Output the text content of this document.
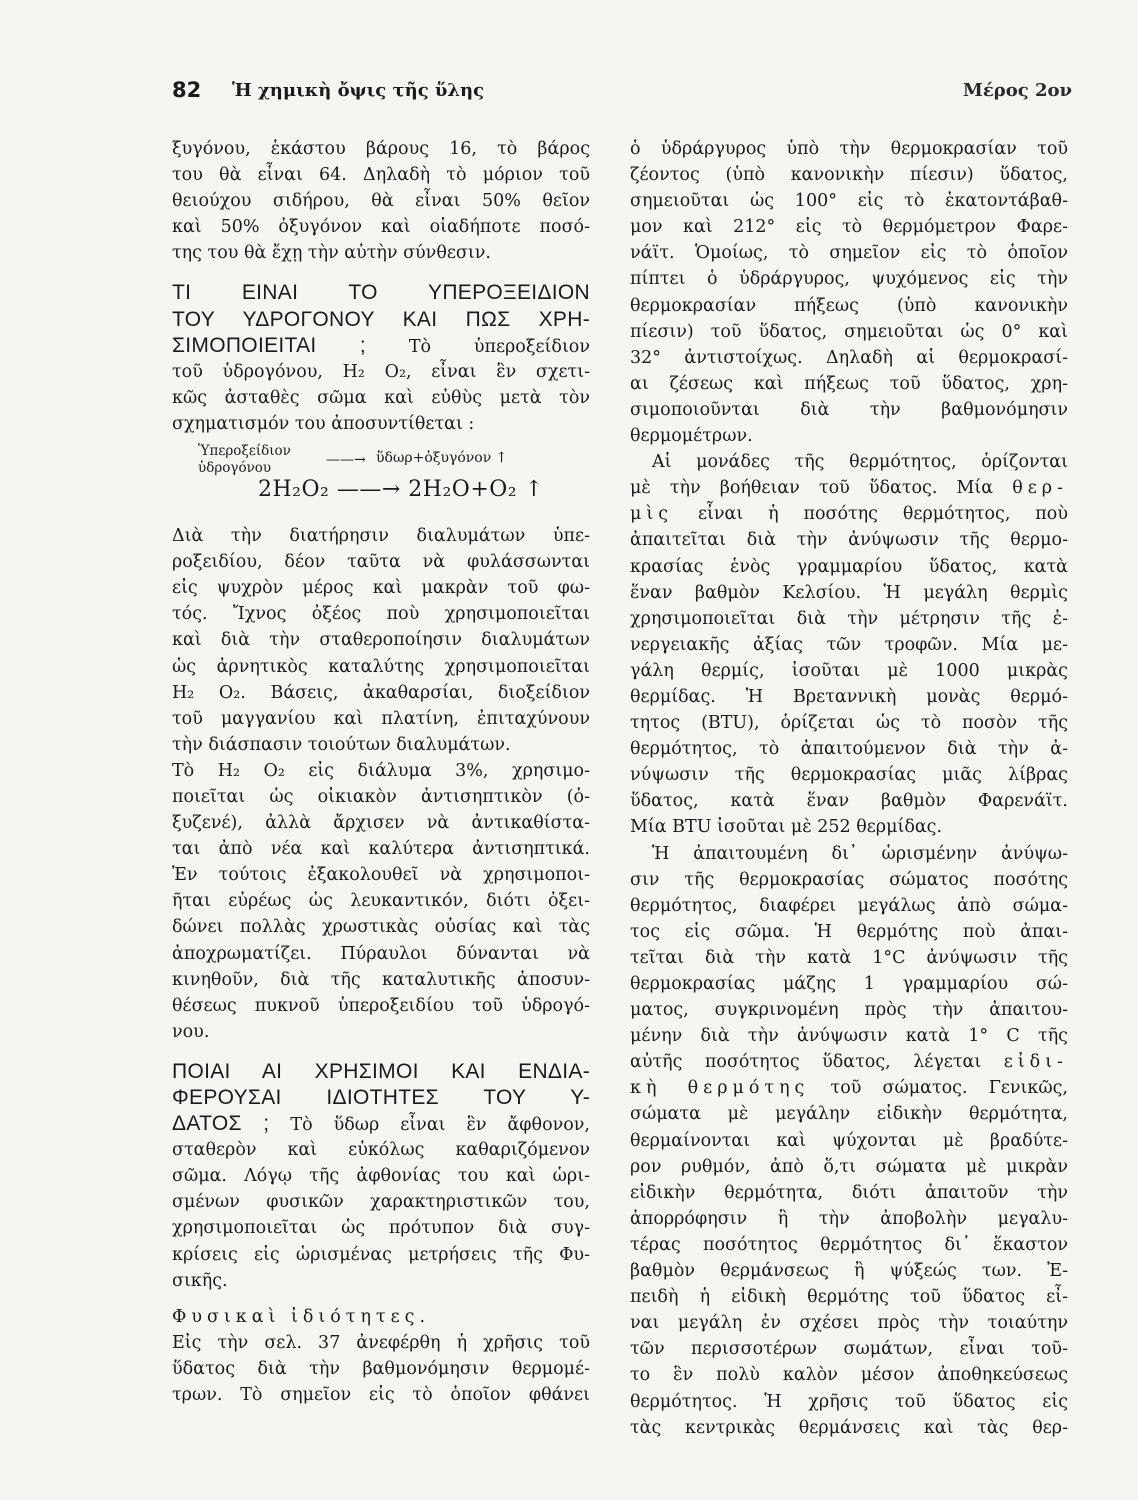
82 Ἡ χημικὴ ὄψις τῆς ὕλης	Μέρος 2ον
ξυγόνου, ἑκάστου βάρους 16, τὸ βάρος
του θὰ εἶναι 64. Δηλαδὴ τὸ μόριον τοῦ
θειούχου σιδήρου, θὰ εἶναι 50% θεῖον
καὶ 50% ὀξυγόνον καὶ οἱαδήποτε ποσό-
της του θὰ ἔχῃ τὴν αὐτὴν σύνθεσιν.
ΤΙ ΕΙΝΑΙ ΤΟ ΥΠΕΡΟΞΕΙΔΙΟΝ
ΤΟΥ ΥΔΡΟΓΟΝΟΥ ΚΑΙ ΠΩΣ ΧΡΗ-
ΣΙΜΟΠΟΙΕΙΤΑΙ ; Τὸ ὑπεροξείδιον
τοῦ ὑδρογόνου, H₂ O₂, εἶναι ἓν σχετι-
κῶς ἀσταθὲς σῶμα καὶ εὐθὺς μετὰ τὸν
σχηματισμόν του ἀποσυντίθεται :
Ὑπεροξείδιον
ὑδρογόνου	——→ ὕδωρ+ὀξυγόνον ↑
2H₂O₂ ——→ 2H₂O+O₂ ↑
Διὰ τὴν διατήρησιν διαλυμάτων ὑπε-
ροξειδίου, δέον ταῦτα νὰ φυλάσσωνται
εἰς ψυχρὸν μέρος καὶ μακρὰν τοῦ φω-
τός. Ἴχνος ὀξέος ποὺ χρησιμοποιεῖται
καὶ διὰ τὴν σταθεροποίησιν διαλυμάτων
ὡς ἀρνητικὸς καταλύτης χρησιμοποιεῖται
H₂ O₂. Βάσεις, ἀκαθαρσίαι, διοξείδιον
τοῦ μαγγανίου καὶ πλατίνη, ἐπιταχύνουν
τὴν διάσπασιν τοιούτων διαλυμάτων.
Τὸ H₂ O₂ εἰς διάλυμα 3%, χρησιμο-
ποιεῖται ὡς οἰκιακὸν ἀντισηπτικὸν (ὀ-
ξυζενέ), ἀλλὰ ἄρχισεν νὰ ἀντικαθίστα-
ται ἀπὸ νέα καὶ καλύτερα ἀντισηπτικά.
Ἐν τούτοις ἐξακολουθεῖ νὰ χρησιμοποι-
ῆται εὐρέως ὡς λευκαντικόν, διότι ὀξει-
δώνει πολλὰς χρωστικὰς οὐσίας καὶ τὰς
ἀποχρωματίζει. Πύραυλοι δύνανται νὰ
κινηθοῦν, διὰ τῆς καταλυτικῆς ἀποσυν-
θέσεως πυκνοῦ ὑπεροξειδίου τοῦ ὑδρογό-
νου.
ΠΟΙΑΙ ΑΙ ΧΡΗΣΙΜΟΙ ΚΑΙ ΕΝΔΙΑ-
ΦΕΡΟΥΣΑΙ ΙΔΙΟΤΗΤΕΣ ΤΟΥ Υ-
ΔΑΤΟΣ ; Τὸ ὕδωρ εἶναι ἓν ἄφθονον,
σταθερὸν καὶ εὐκόλως καθαριζόμενον
σῶμα. Λόγῳ τῆς ἀφθονίας του καὶ ὡρι-
σμένων φυσικῶν χαρακτηριστικῶν του,
χρησιμοποιεῖται ὡς πρότυπον διὰ συγ-
κρίσεις εἰς ὡρισμένας μετρήσεις τῆς Φυ-
σικῆς.
Φυσικαὶ ἰδιότητες.
Εἰς τὴν σελ. 37 ἀνεφέρθη ἡ χρῆσις τοῦ
ὕδατος διὰ τὴν βαθμονόμησιν θερμομέ-
τρων. Τὸ σημεῖον εἰς τὸ ὁποῖον φθάνει
ὁ ὑδράργυρος ὑπὸ τὴν θερμοκρασίαν τοῦ
ζέοντος (ὑπὸ κανονικὴν πίεσιν) ὕδατος,
σημειοῦται ὡς 100° εἰς τὸ ἑκατοντάβαθ-
μον καὶ 212° εἰς τὸ θερμόμετρον Φαρε-
νάϊτ. Ὁμοίως, τὸ σημεῖον εἰς τὸ ὁποῖον
πίπτει ὁ ὑδράργυρος, ψυχόμενος εἰς τὴν
θερμοκρασίαν πήξεως (ὑπὸ κανονικὴν
πίεσιν) τοῦ ὕδατος, σημειοῦται ὡς 0° καὶ
32° ἀντιστοίχως. Δηλαδὴ αἱ θερμοκρασί-
αι ζέσεως καὶ πήξεως τοῦ ὕδατος, χρη-
σιμοποιοῦνται διὰ τὴν βαθμονόμησιν
θερμομέτρων.
Αἱ μονάδες τῆς θερμότητος, ὁρίζονται
μὲ τὴν βοήθειαν τοῦ ὕδατος. Μία θερ-
μὶς εἶναι ἡ ποσότης θερμότητος, ποὺ
ἀπαιτεῖται διὰ τὴν ἀνύψωσιν τῆς θερμο-
κρασίας ἑνὸς γραμμαρίου ὕδατος, κατὰ
ἕναν βαθμὸν Κελσίου. Ἡ μεγάλη θερμὶς
χρησιμοποιεῖται διὰ τὴν μέτρησιν τῆς ἐ-
νεργειακῆς ἀξίας τῶν τροφῶν. Μία με-
γάλη θερμίς, ἰσοῦται μὲ 1000 μικρὰς
θερμίδας. Ἡ Βρεταννικὴ μονὰς θερμό-
τητος (BTU), ὁρίζεται ὡς τὸ ποσὸν τῆς
θερμότητος, τὸ ἀπαιτούμενον διὰ τὴν ἀ-
νύψωσιν τῆς θερμοκρασίας μιᾶς λίβρας
ὕδατος, κατὰ ἕναν βαθμὸν Φαρενάϊτ.
Μία BTU ἰσοῦται μὲ 252 θερμίδας.
Ἡ ἀπαιτουμένη δι᾿ ὡρισμένην ἀνύψω-
σιν τῆς θερμοκρασίας σώματος ποσότης
θερμότητος, διαφέρει μεγάλως ἀπὸ σώμα-
τος εἰς σῶμα. Ἡ θερμότης ποὺ ἀπαι-
τεῖται διὰ τὴν κατὰ 1°C ἀνύψωσιν τῆς
θερμοκρασίας μάζης 1 γραμμαρίου σώ-
ματος, συγκρινομένη πρὸς τὴν ἀπαιτου-
μένην διὰ τὴν ἀνύψωσιν κατὰ 1° C τῆς
αὐτῆς ποσότητος ὕδατος, λέγεται εἰδι-
κὴ θερμότης τοῦ σώματος. Γενικῶς,
σώματα μὲ μεγάλην εἰδικὴν θερμότητα,
θερμαίνονται καὶ ψύχονται μὲ βραδύτε-
ρον ρυθμόν, ἀπὸ ὅ,τι σώματα μὲ μικρὰν
εἰδικὴν θερμότητα, διότι ἀπαιτοῦν τὴν
ἀπορρόφησιν ἢ τὴν ἀποβολὴν μεγαλυ-
τέρας ποσότητος θερμότητος δι᾿ ἕκαστον
βαθμὸν θερμάνσεως ἢ ψύξεώς των. Ἐ-
πειδὴ ἡ εἰδικὴ θερμότης τοῦ ὕδατος εἶ-
ναι μεγάλη ἐν σχέσει πρὸς τὴν τοιαύτην
τῶν περισσοτέρων σωμάτων, εἶναι τοῦ-
το ἓν πολὺ καλὸν μέσον ἀποθηκεύσεως
θερμότητος. Ἡ χρῆσις τοῦ ὕδατος εἰς
τὰς κεντρικὰς θερμάνσεις καὶ τὰς θερ-
